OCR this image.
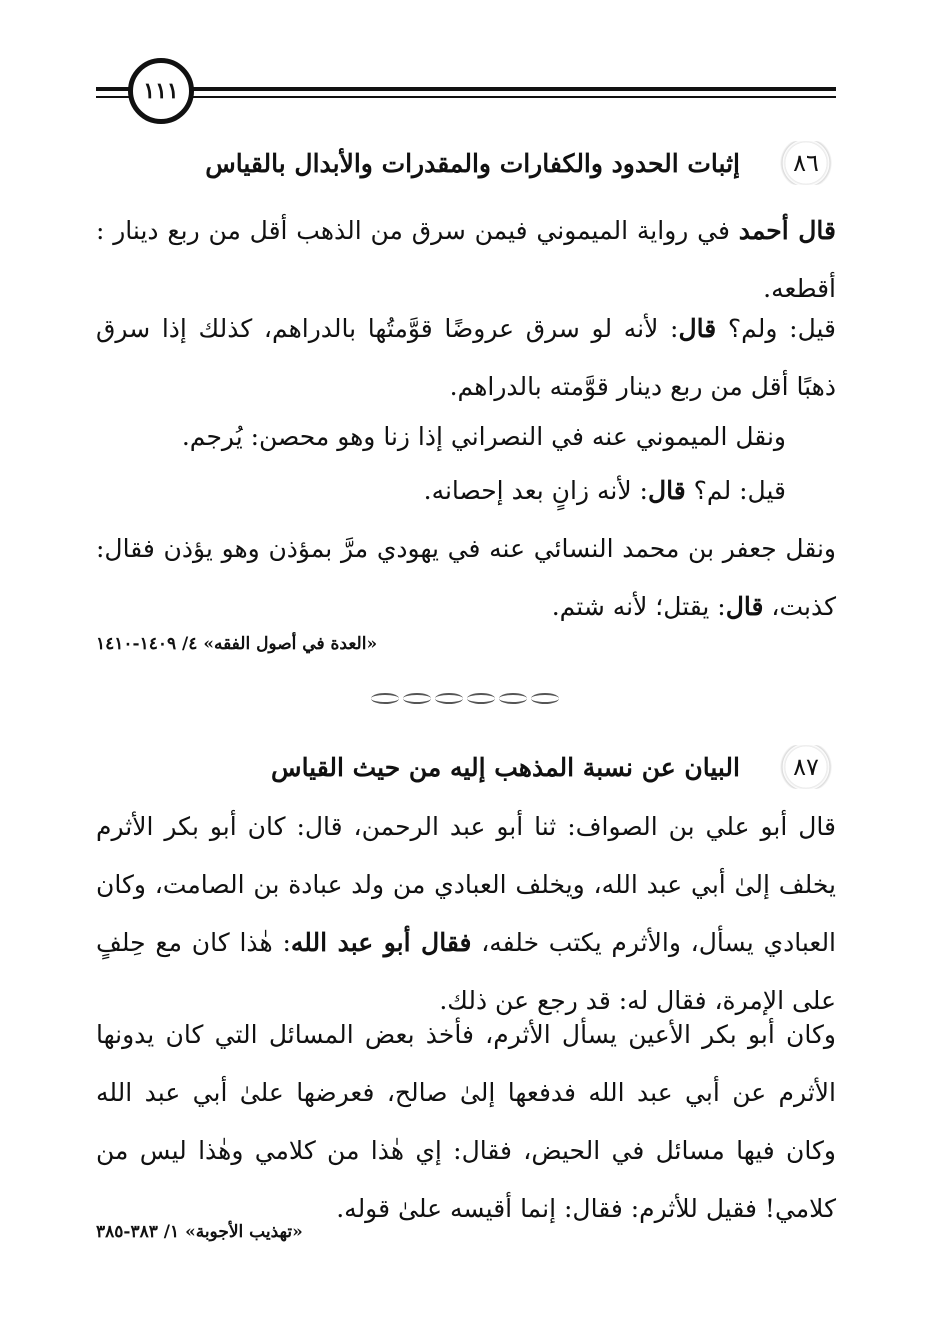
١١١
٨٦
إثبات الحدود والكفارات والمقدرات والأبدال بالقياس
قال أحمد في رواية الميموني فيمن سرق من الذهب أقل من ربع دينار : أقطعه.
قيل: ولم؟ قال: لأنه لو سرق عروضًا قوَّمتُها بالدراهم، كذلك إذا سرق ذهبًا أقل من ربع دينار قوَّمته بالدراهم.
ونقل الميموني عنه في النصراني إذا زنا وهو محصن: يُرجم.
قيل: لم؟ قال: لأنه زانٍ بعد إحصانه.
ونقل جعفر بن محمد النسائي عنه في يهودي مرَّ بمؤذن وهو يؤذن فقال: كذبت، قال: يقتل؛ لأنه شتم.
«العدة في أصول الفقه» ٤/ ١٤٠٩-١٤١٠
٨٧
البيان عن نسبة المذهب إليه من حيث القياس
قال أبو علي بن الصواف: ثنا أبو عبد الرحمن، قال: كان أبو بكر الأثرم يخلف إلىٰ أبي عبد الله، ويخلف العبادي من ولد عبادة بن الصامت، وكان العبادي يسأل، والأثرم يكتب خلفه، فقال أبو عبد الله: هٰذا كان مع حِلفٍ على الإمرة، فقال له: قد رجع عن ذلك.
وكان أبو بكر الأعين يسأل الأثرم، فأخذ بعض المسائل التي كان يدونها الأثرم عن أبي عبد الله فدفعها إلىٰ صالح، فعرضها علىٰ أبي عبد الله وكان فيها مسائل في الحيض، فقال: إي هٰذا من كلامي وهٰذا ليس من كلامي! فقيل للأثرم: فقال: إنما أقيسه علىٰ قوله.
«تهذيب الأجوبة» ١/ ٣٨٣-٣٨٥
